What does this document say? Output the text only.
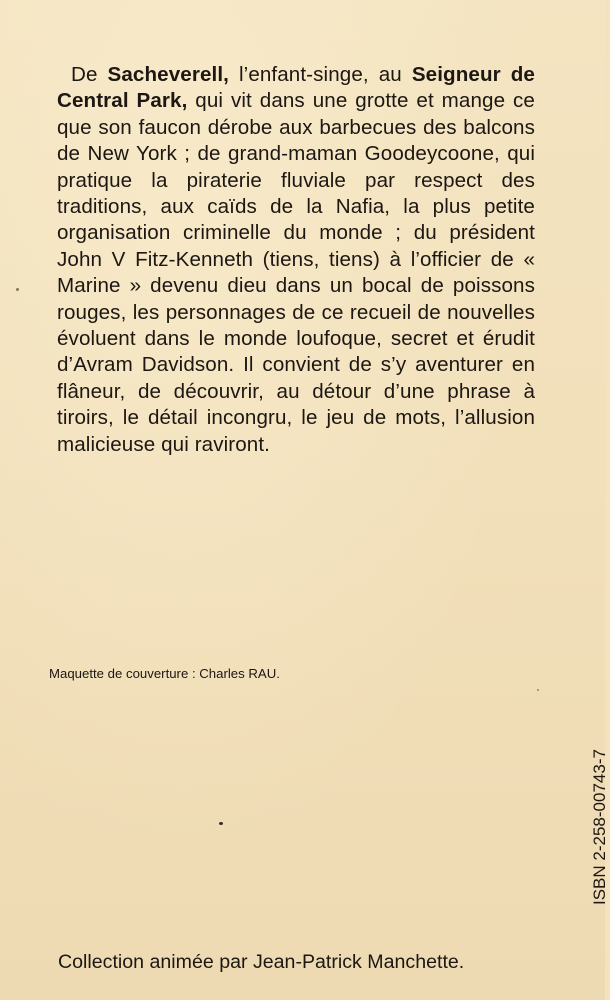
De Sacheverell, l’enfant-singe, au Seigneur de Central Park, qui vit dans une grotte et mange ce que son faucon dérobe aux barbecues des balcons de New York ; de grand-maman Goodeycoone, qui pratique la piraterie fluviale par respect des traditions, aux caïds de la Nafia, la plus petite organisation criminelle du monde ; du président John V Fitz-Kenneth (tiens, tiens) à l’officier de « Marine » devenu dieu dans un bocal de poissons rouges, les personnages de ce recueil de nouvelles évoluent dans le monde loufoque, secret et érudit d’Avram Davidson. Il convient de s’y aventurer en flâneur, de découvrir, au détour d’une phrase à tiroirs, le détail incongru, le jeu de mots, l’allusion malicieuse qui raviront.

Maquette de couverture : Charles RAU.

Collection animée par Jean-Patrick Manchette.

ISBN 2-258-00743-7
